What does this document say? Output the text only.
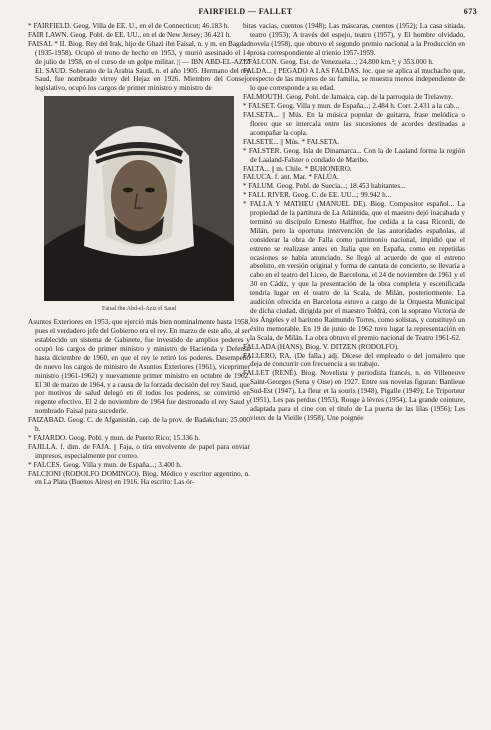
FAIRFIELD — FALLET	673

* FAIRFIELD. Geog. Villa de EE. U., en el de Connecticut; 46.183 h.

FAIR LAWN. Geog. Pobl. de EE. UU., en el de New Jersey; 36.421 h.

FAISAL * II. Biog. Rey del Irak, hijo de Ghazi ibn Faisal, n. y m. en Bagdad (1935-1958). Ocupó el trono de hecho en 1953, y murió asesinado el 14 de julio de 1958, en el curso de un golpe militar. || — IBN ABD-EL-AZIZ EL SAUD. Soberano de la Arabia Saudí, n. el año 1905. Hermano del rey Saud, fue nombrado virrey del Hejaz en 1926. Miembro del Consejo legislativo, ocupó los cargos de primer ministro y ministro de

Faisal ibn Abd-el-Aziz el Saud

Asuntos Exteriores en 1953, que ejerció más bien nominalmente hasta 1958, pues el verdadero jefe del Gobierno era el rey. En marzo de este año, al ser establecido un sistema de Gabinete, fue investido de amplios poderes y ocupó los cargos de primer ministro y ministro de Hacienda y Defensa hasta diciembre de 1960, en que el rey le retiró los poderes. Desempeñó de nuevo los cargos de ministro de Asuntos Exteriores (1961), viceprimer ministro (1961-1962) y nuevamente primer ministro en octubre de 1962. El 30 de marzo de 1964, y a causa de la forzada decisión del rey Saud, que por motivos de salud delegó en él todos los poderes, se convirtió en regente efectivo. El 2 de noviembre de 1964 fue destronado el rey Saud y nombrado Faisal para sucederle.

FAIZABAD. Geog. C. de Afganistán, cap. de la prov. de Badakchan; 25.000 h.

* FAJARDO. Geog. Pobl. y mun. de Puerto Rico; 15.336 h.

FAJILLA. f. dim. de FAJA. || Faja, o tira envolvente de papel para enviar impresos, especialmente por correo.

* FALCES. Geog. Villa y mun. de España...; 3.400 h.

FALCIONI (RODOLFO DOMINGO). Biog. Médico y escritor argentino, n. en La Plata (Buenos Aires) en 1916. Ha escrito: Las ór-

bitas vacías, cuentos (1948); Las máscaras, cuentos (1952); La casa sitiada, teatro (1953); A través del espejo, teatro (1957), y El hombre olvidado, novela (1958), que obtuvo el segundo premio nacional a la Producción en prosa correspondiente al trienio 1957-1959.

* FALCON. Geog. Est. de Venezuela...; 24.800 km.²; y 353.000 h.

FALDA... || PEGADO A LAS FALDAS. loc. que se aplica al muchacho que, respecto de las mujeres de su familia, se muestra menos independiente de lo que corresponde a su edad.

FALMOUTH. Geog. Pobl. de Jamaica, cap. de la parroquia de Trelawny.

* FALSET. Geog. Villa y mun. de España...; 2.484 h. Corr. 2.431 a la cab...

FALSETA... || Mús. En la música popular de guitarra, frase melódica o floreo que se intercala entre las sucesiones de acordes destinadas a acompañar la copla.

FALSETE... || Mús. * FALSETA.

* FALSTER. Geog. Isla de Dinamarca... Con la de Laaland forma la región de Laaland-Falster o condado de Maribo.

FALTA... || m. Chile. * BUHONERO.

FALUCA. f. ant. Mar. * FALÚA.

* FALUM. Geog. Pobl. de Suecia...; 18.453 habitantes...

* FALL RIVER. Geog. C. de EE. UU...; 99.942 h...

* FALLA Y MATHEU (MANUEL DE). Biog. Compositor español... La propiedad de la partitura de La Atlántida, que el maestro dejó inacabada y terminó su discípulo Ernesto Halffter, fue cedida a la casa Ricordi, de Milán, pero la oportuna intervención de las autoridades españolas, al considerar la obra de Falla como patrimonio nacional, impidió que el estreno se realizase antes en Italia que en España, como en repetidas ocasiones se había anunciado. Se llegó al acuerdo de que el estreno absoluto, en versión original y forma de cantata de concierto, se llevaría a cabo en el teatro del Liceo, de Barcelona, el 24 de noviembre de 1961 y el 30 en Cádiz, y que la presentación de la obra completa y escenificada tendría lugar en el teatro de la Scala, de Milán, posteriormente. La audición ofrecida en Barcelona estuvo a cargo de la Orquesta Municipal de dicha ciudad, dirigida por el maestro Toldrá, con la soprano Victoria de los Ángeles y el barítono Raimundo Torres, como solistas, y constituyó un éxito memorable. En 19 de junio de 1962 tuvo lugar la representación en la Scala, de Milán. La obra obtuvo el premio nacional de Teatro 1961-62.

FALLADA (HANS). Biog. V. DITZEN (RODOLFO).

FALLERO, RA. (De falla.) adj. Dícese del empleado o del jornalero que deja de concurrir con frecuencia a su trabajo.

FALLET (RENÉ). Biog. Novelista y periodista francés, n. en Villeneuve Saint-Georges (Sena y Oise) en 1927. Entre sus novelas figuran: Banlieue Sud-Est (1947), La fleur et la souris (1948), Pigalle (1949), Le Triporteur (1951), Les pas perdus (1953), Rouge à lèvres (1954), La grande ceinture, adaptada para el cine con el título de La puerta de las lilas (1956); Les vieux de la Vieille (1958), Une poignée
